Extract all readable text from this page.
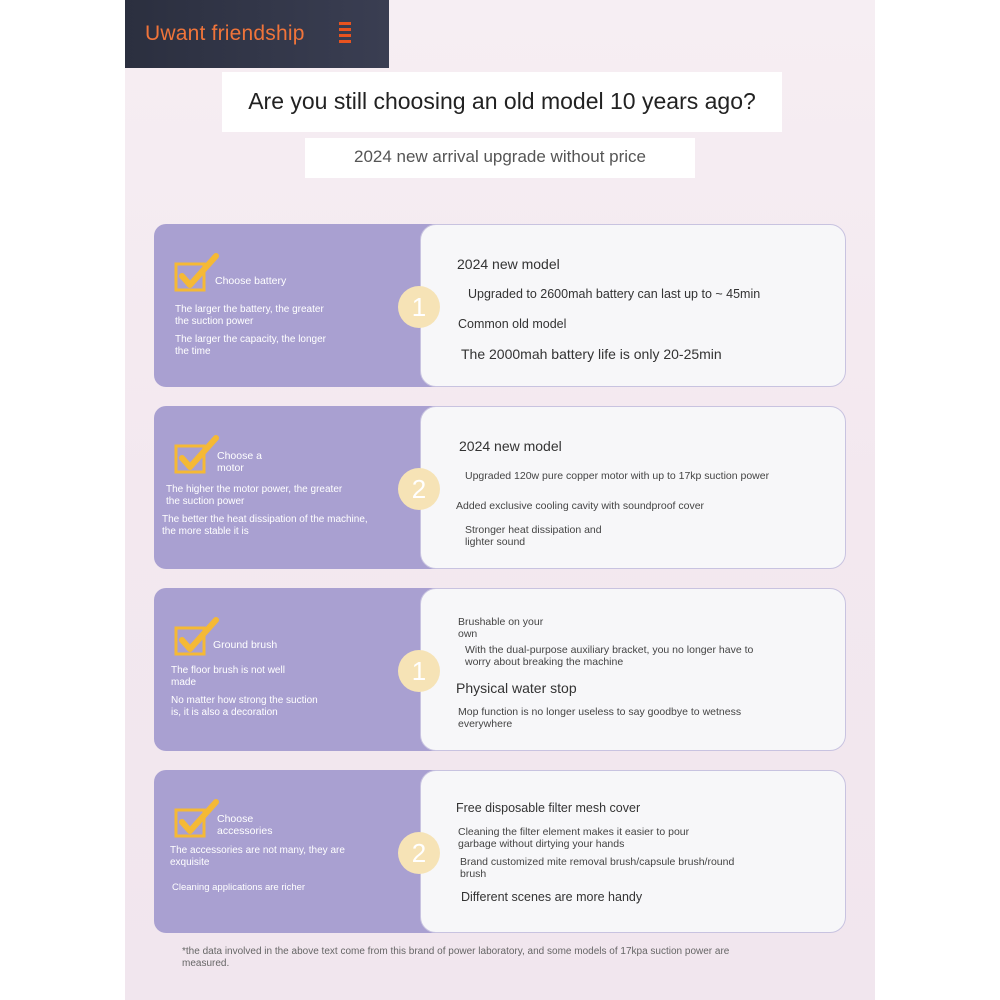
Uwant friendship
Are you still choosing an old model 10 years ago?
2024 new arrival upgrade without price
Choose battery
The larger the battery, the greater
the suction power
The larger the capacity, the longer
the time
1
2024 new model
Upgraded to 2600mah battery can last up to ~ 45min
Common old model
The 2000mah battery life is only 20-25min
Choose a
motor
The higher the motor power, the greater
the suction power
The better the heat dissipation of the machine,
the more stable it is
2
2024 new model
Upgraded 120w pure copper motor with up to 17kp suction power
Added exclusive cooling cavity with soundproof cover
Stronger heat dissipation and
lighter sound
Ground brush
The floor brush is not well
made
No matter how strong the suction
is, it is also a decoration
1
Brushable on your
own
With the dual-purpose auxiliary bracket, you no longer have to
worry about breaking the machine
Physical water stop
Mop function is no longer useless to say goodbye to wetness
everywhere
Choose
accessories
The accessories are not many, they are
exquisite
Cleaning applications are richer
2
Free disposable filter mesh cover
Cleaning the filter element makes it easier to pour
garbage without dirtying your hands
Brand customized mite removal brush/capsule brush/round
brush
Different scenes are more handy
*the data involved in the above text come from this brand of power laboratory, and some models of 17kpa suction power are
measured.
